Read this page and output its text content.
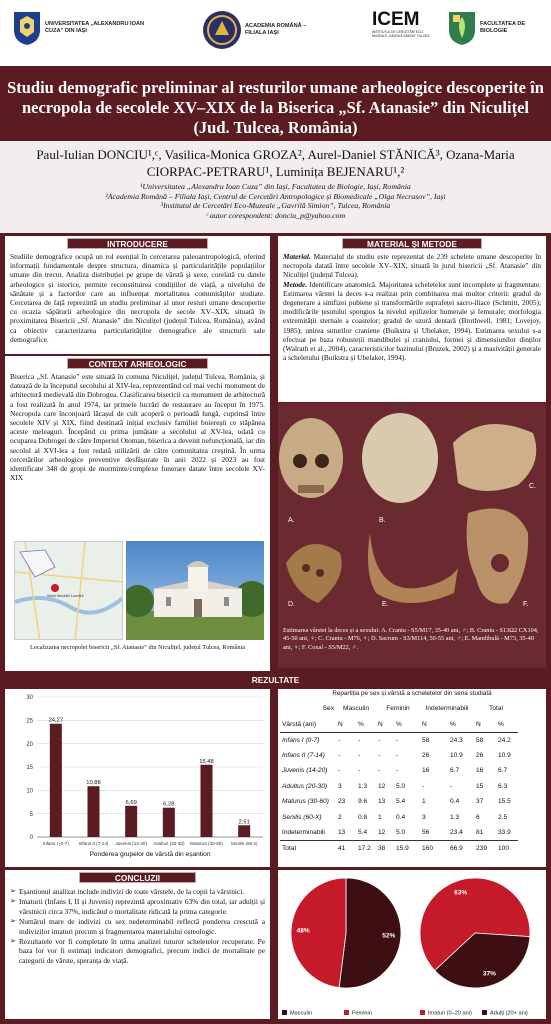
UNIVERSITATEA „ALEXANDRU IOAN CUZA” DIN IAȘI
ACADEMIA ROMÂNĂ – FILIALA IAȘI
ICEM
INSTITUTUL DE CERCETĂRI ECO-MUZEALE „GAVRILĂ SIMION” TULCEA
FACULTATEA DE BIOLOGIE
Studiu demografic preliminar al resturilor umane arheologice descoperite în necropola de secolele XV–XIX de la Biserica „Sf. Atanasie” din Niculițel (Jud. Tulcea, România)
Paul-Iulian DONCIU¹,ᶜ, Vasilica-Monica GROZA², Aurel-Daniel STĂNICĂ³, Ozana-Maria CIORPAC-PETRARU¹, Luminița BEJENARU¹,²
¹Universitatea „Alexandru Ioan Cuza” din Iași, Facultatea de Biologie, Iași, România
²Academia Română – Filiala Iași, Centrul de Cercetări Antropologice și Biomedicale „Olga Necrasov”, Iași
³Institutul de Cercetări Eco-Muzeale „Gavrilă Simion”, Tulcea, România
ᶜ autor corespondent: donciu_p@yahoo.com
INTRODUCERE
Studiile demografice ocupă un rol esențial în cercetarea paleoantropologică, oferind informații fundamentale despre structura, dinamica și particularitățile populațiilor umane din trecut. Analiza distribuției pe grupe de vârstă și sexe, corelată cu datele arheologice și istorice, permite reconstituirea condițiilor de viață, a nivelului de sănătate și a factorilor care au influențat mortalitatea comunităților studiate. Cercetarea de față reprezintă un studiu preliminar al unor resturi umane descoperite cu ocazia săpăturii arheologice din necropola de secole XV–XIX, situată în proximitatea Bisericii „Sf. Atanasie” din Niculițel (județul Tulcea, România), având ca obiectiv caracterizarea particularităților demografice ale structurii sale demografice.
CONTEXT ARHEOLOGIC
Biserica „Sf. Atanasie” este situată în comuna Niculițel, județul Tulcea, România, și datează de la începutul secolului al XIV-lea, reprezentând cel mai vechi monument de arhitectură medievală din Dobrogea. Clasificarea bisericii ca monument de arhitectură a fost realizată în anul 1974, iar primele lucrări de restaurare au început în 1975. Necropola care înconjoară lăcașul de cult acoperă o perioadă lungă, cuprinsă între secolele XIV și XIX, fiind destinată inițial exclusiv familiei boierești ce stăpânea aceste meleaguri. Începând cu prima jumătate a secolului al XV-lea, odată cu ocuparea Dobrogei de către Imperiul Otoman, biserica a devenit nefuncțională, iar din secolul al XVI-lea a fost redată utilizării de către comunitatea creștină. În urma cercetărilor arheologice preventive desfășurate în anii 2022 și 2023 au fost identificate 348 de gropi de morminte/complexe funerare datate între secolele XV-XIX
Satul Niculițel Lucrării
Localizarea necropolei bisericii „Sf. Atanasie” din Niculițel, județul Tulcea, România
MATERIAL ȘI METODE
Material. Materialul de studiu este reprezentat de 239 schelete umane descoperite în necropola datată între secolele XV–XIX, situată în jurul bisericii „Sf. Atanasie” din Niculițel (județul Tulcea).
Metode. Identificare anatomică. Majoritatea scheletelor sunt incomplete și fragmentate. Estimarea vârstei la deces s-a realizat prin combinarea mai multor criterii: gradul de degenerare a simfizei pubiene și transformările suprafeței sacro-iliace (Schmitt, 2005); modificările țesutului spongios la nivelul epifizelor humerale și femurale; morfologia extremității sternale a coastelor; gradul de uzură dentară (Brothwell, 1981; Lovejoy, 1985); unirea suturilor craniene (Buikstra și Ubelaker, 1994). Estimarea sexului s-a efectuat pe baza robusteții mandibulei și craniului, formei și dimensiunilor dinților (Walrath et al., 2004), caracteristicilor bazinului (Bruzek, 2002) și a masivității generale a scheletului (Buikstra și Ubelaker, 1994).
A.	B.
C.
D.	E.	F.
Estimarea vârstei la deces și a sexului: A. Craniu - S5/M17, 35-40 ani, ♂; B. Craniu - S13Ω2 CX104, 45-50 ani, ♀; C. Craniu - M76, ♀; D. Sacrum - S3/M114, 50-55 ani, ♂; E. Mandibulă - M73, 35-40 ani, ♀; F. Coxal - S5/M22, ♂.
REZULTATE
0
5
10
15
20
25
30
24,27
Infans I (0-7)
10,88
Infans II (7-14)
6,69
Juvenis (14-20)
6,28
Adultus (20-30)
15,48
Maturus (30-60)
2,51
Senilis (60-x)
Ponderea grupelor de vârstă din eșantion
Repartiția pe sex și vârstă a scheletelor din seria studiată
Sex	Masculin		Feminin		Indeterminabili		Total	
Vârstă (ani)	N	%	N	%	N	%	N	%
Infans I (0-7)	-	-	-	-	58	24.3	58	24.2
Infans II (7-14)	-	-	-	-	26	10.9	26	10.9
Juvenis (14-20)	-	-	-	-	16	6.7	16	6.7
Adultus (20-30)	3	1.3	12	5.0	-	-	15	6.3
Maturus (30-60)	23	9.6	13	5.4	1	0.4	37	15.5
Senilis (60-X)	2	0.8	1	0.4	3	1.3	6	2.5
Indeterminabili	13	5.4	12	5.0	56	23.4	81	33.9
Total	41	17.2	38	15.9	160	66.9	239	100
CONCLUZII
➢ Eșantionul analizat include indivizi de toate vârstele, de la copii la vârstnici.
➢ Imaturii (Infans I, II și Juvenis) reprezintă aproximativ 63% din total, iar adulții și vârstnicii circa 37%, indicând o mortalitate ridicată la prima categorie.
➢ Numărul mare de indivizi cu sex nedeterminabil reflectă ponderea crescută a indivizilor imaturi precum și fragmentarea materialului osteologic.
➢ Rezultatele vor fi completate în urma analizei tuturor scheletelor recuperate. Pe baza lor vor fi estimați indicatori demografici, precum indici de mortalitate pe categorii de vârste, speranța de viață.
52%
48%
Masculin	Feminin
63%
37%
Imaturi (0–20 ani)	Adulți (20+ ani)
